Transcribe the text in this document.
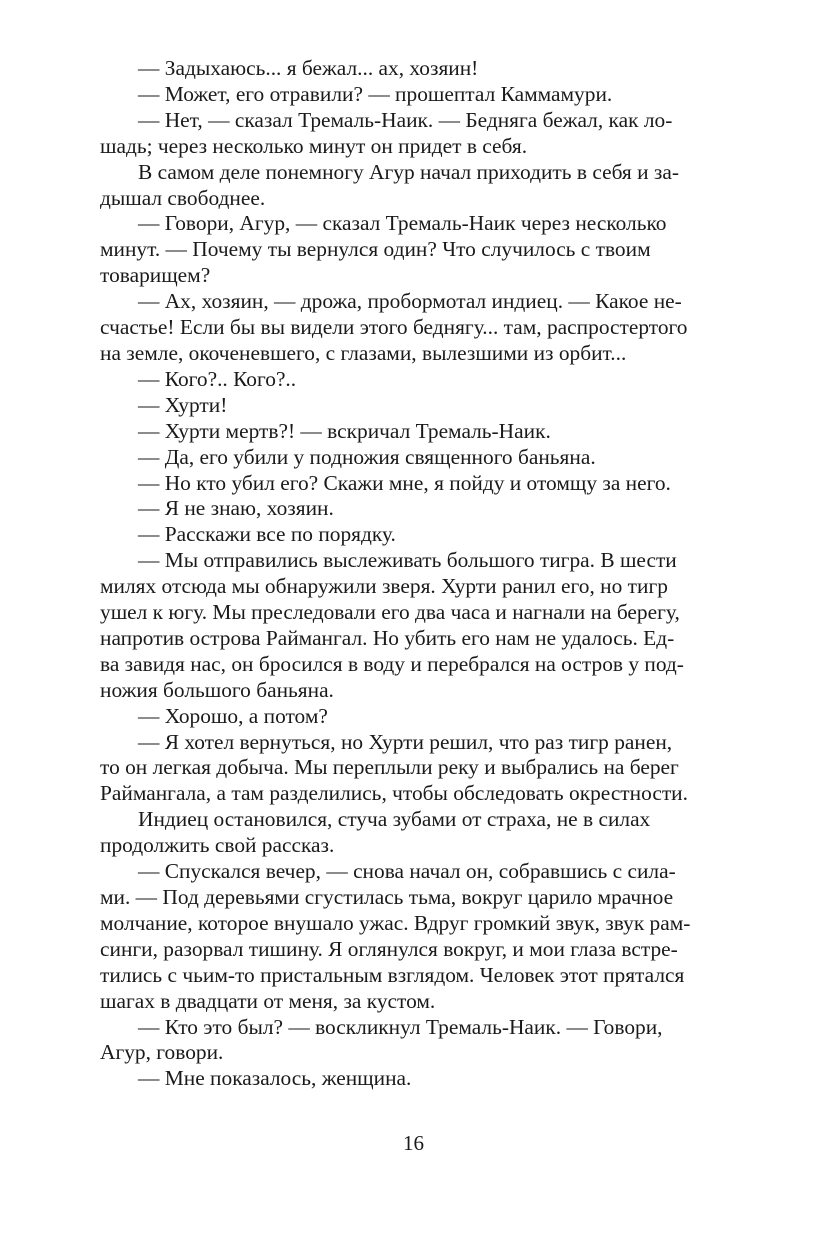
— Задыхаюсь... я бежал... ах, хозяин!
— Может, его отравили? — прошептал Каммамури.
— Нет, — сказал Тремаль-Наик. — Бедняга бежал, как ло-
шадь; через несколько минут он придет в себя.
В самом деле понемногу Агур начал приходить в себя и за-
дышал свободнее.
— Говори, Агур, — сказал Тремаль-Наик через несколько
минут. — Почему ты вернулся один? Что случилось с твоим
товарищем?
— Ах, хозяин, — дрожа, пробормотал индиец. — Какое не-
счастье! Если бы вы видели этого беднягу... там, распростертого
на земле, окоченевшего, с глазами, вылезшими из орбит...
— Кого?.. Кого?..
— Хурти!
— Хурти мертв?! — вскричал Тремаль-Наик.
— Да, его убили у подножия священного баньяна.
— Но кто убил его? Скажи мне, я пойду и отомщу за него.
— Я не знаю, хозяин.
— Расскажи все по порядку.
— Мы отправились выслеживать большого тигра. В шести
милях отсюда мы обнаружили зверя. Хурти ранил его, но тигр
ушел к югу. Мы преследовали его два часа и нагнали на берегу,
напротив острова Раймангал. Но убить его нам не удалось. Ед-
ва завидя нас, он бросился в воду и перебрался на остров у под-
ножия большого баньяна.
— Хорошо, а потом?
— Я хотел вернуться, но Хурти решил, что раз тигр ранен,
то он легкая добыча. Мы переплыли реку и выбрались на берег
Раймангала, а там разделились, чтобы обследовать окрестности.
Индиец остановился, стуча зубами от страха, не в силах
продолжить свой рассказ.
— Спускался вечер, — снова начал он, собравшись с сила-
ми. — Под деревьями сгустилась тьма, вокруг царило мрачное
молчание, которое внушало ужас. Вдруг громкий звук, звук рам-
синги, разорвал тишину. Я оглянулся вокруг, и мои глаза встре-
тились с чьим-то пристальным взглядом. Человек этот прятался
шагах в двадцати от меня, за кустом.
— Кто это был? — воскликнул Тремаль-Наик. — Говори,
Агур, говори.
— Мне показалось, женщина.
16
